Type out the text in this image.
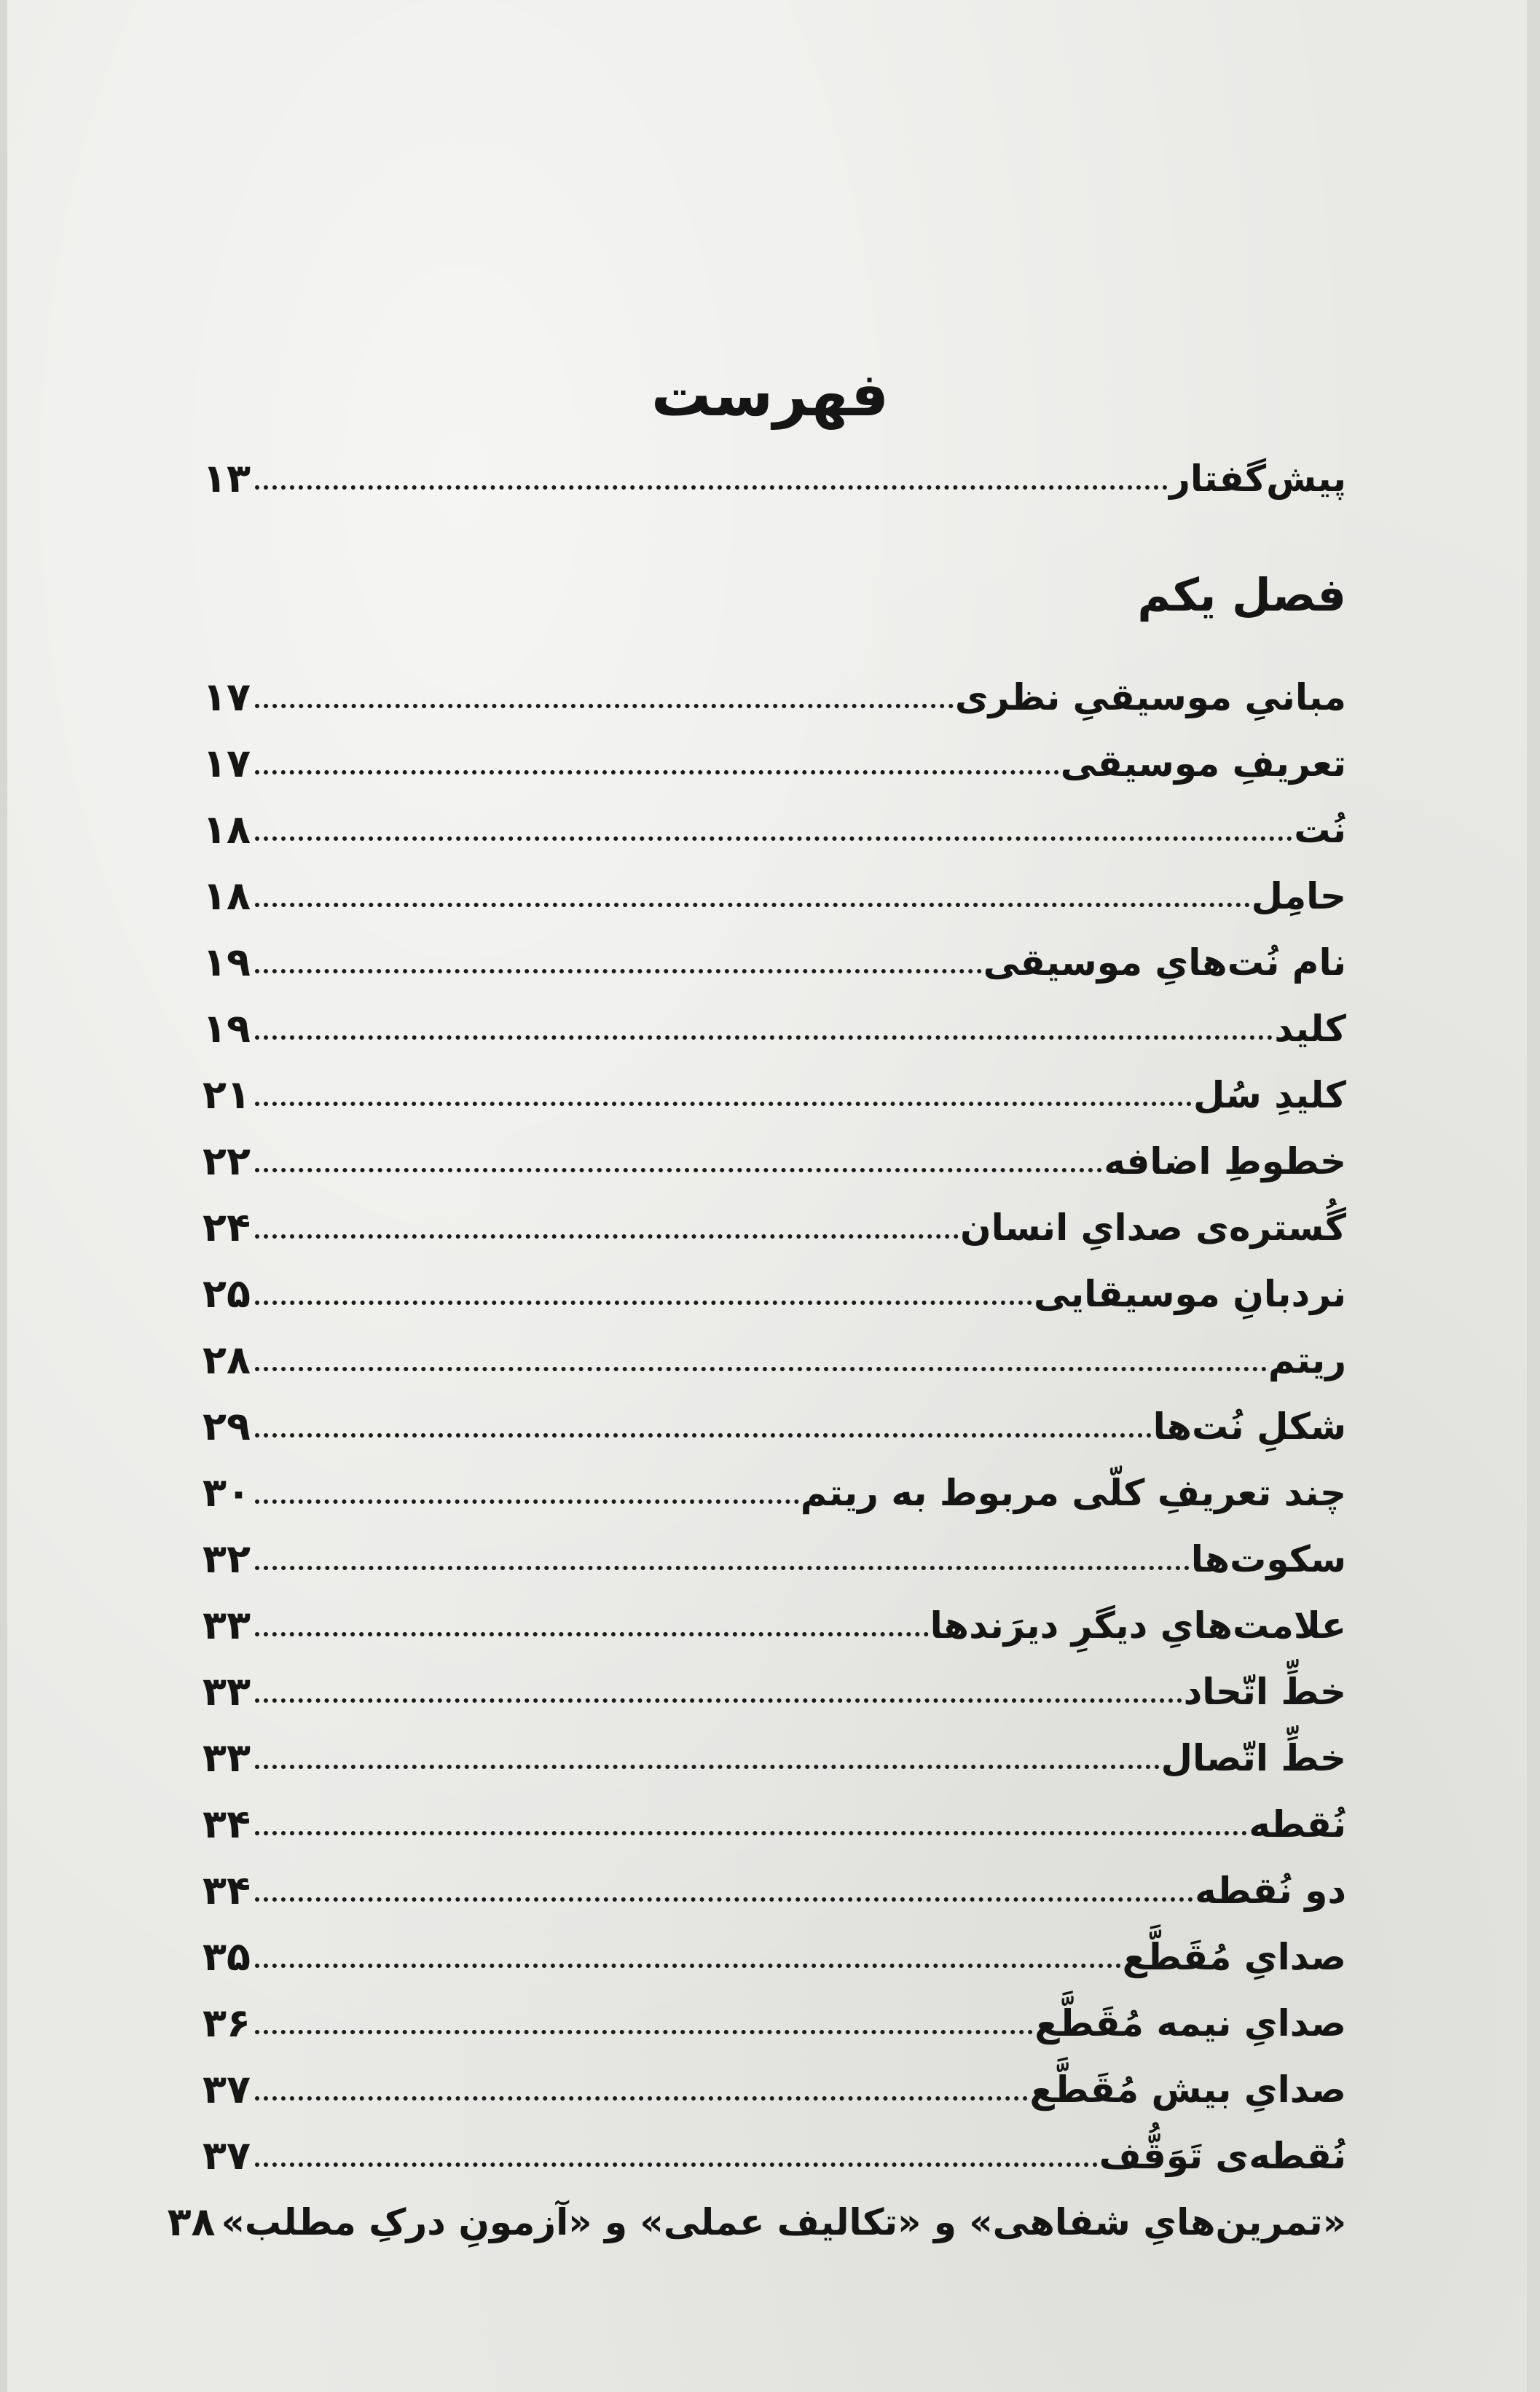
فهرست
پیش‌گفتار
۱۳
فصل یکم
مبانیِ موسیقیِ نظری
۱۷
تعریفِ موسیقی
۱۷
نُت
۱۸
حامِل
۱۸
نام نُت‌هایِ موسیقی
۱۹
کلید
۱۹
کلیدِ سُل
۲۱
خطوطِ اضافه
۲۲
گُستره‌ی صدایِ انسان
۲۴
نردبانِ موسیقایی
۲۵
ریتم
۲۸
شکلِ نُت‌ها
۲۹
چند تعریفِ کلّی مربوط به ریتم
۳۰
سکوت‌ها
۳۲
علامت‌هایِ دیگرِ دیرَندها
۳۳
خطِّ اتّحاد
۳۳
خطِّ اتّصال
۳۳
نُقطه
۳۴
دو نُقطه
۳۴
صدایِ مُقَطَّع
۳۵
صدایِ نیمه مُقَطَّع
۳۶
صدایِ بیش مُقَطَّع
۳۷
نُقطه‌ی تَوَقُّف
۳۷
«تمرین‌هایِ شفاهی» و «تکالیف عملی» و «آزمونِ درکِ مطلب»
۳۸
